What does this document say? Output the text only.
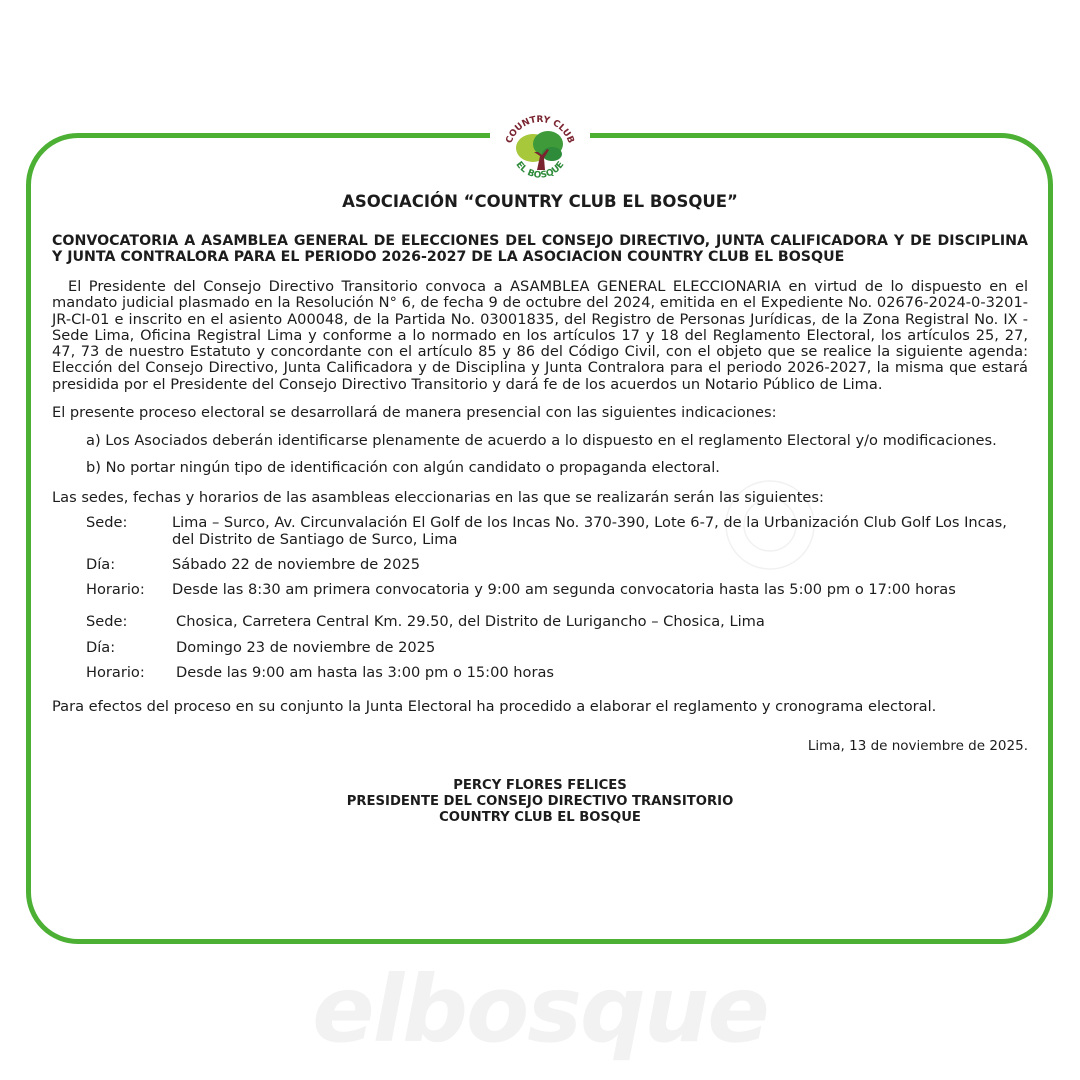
COUNTRY CLUB
EL BOSQUE
elbosque
ASOCIACIÓN “COUNTRY CLUB EL BOSQUE”
CONVOCATORIA A ASAMBLEA GENERAL DE ELECCIONES DEL CONSEJO DIRECTIVO, JUNTA CALIFICADORA Y DE DISCIPLINA Y JUNTA CONTRALORA PARA EL PERIODO 2026-2027 DE LA ASOCIACION COUNTRY CLUB EL BOSQUE

El Presidente del Consejo Directivo Transitorio convoca a ASAMBLEA GENERAL ELECCIONARIA en virtud de lo dispuesto en el mandato judicial plasmado en la Resolución N° 6, de fecha 9 de octubre del 2024, emitida en el Expediente No. 02676-2024-0-3201-JR-CI-01 e inscrito en el asiento A00048, de la Partida No. 03001835, del Registro de Personas Jurídicas, de la Zona Registral No. IX -Sede Lima, Oficina Registral Lima y conforme a lo normado en los artículos 17 y 18 del Reglamento Electoral, los artículos 25, 27, 47, 73 de nuestro Estatuto y concordante con el artículo 85 y 86 del Código Civil, con el objeto que se realice la siguiente agenda: Elección del Consejo Directivo, Junta Calificadora y de Disciplina y Junta Contralora para el periodo 2026-2027, la misma que estará presidida por el Presidente del Consejo Directivo Transitorio y dará fe de los acuerdos un Notario Público de Lima.

El presente proceso electoral se desarrollará de manera presencial con las siguientes indicaciones:

a) Los Asociados deberán identificarse plenamente de acuerdo a lo dispuesto en el reglamento Electoral y/o modificaciones.

b) No portar ningún tipo de identificación con algún candidato o propaganda electoral.

Las sedes, fechas y horarios de las asambleas eleccionarias en las que se realizarán serán las siguientes:

Sede:	Lima – Surco, Av. Circunvalación El Golf de los Incas No. 370-390, Lote 6-7, de la Urbanización Club Golf Los Incas, del Distrito de Santiago de Surco, Lima
Día:	Sábado 22 de noviembre de 2025
Horario:	Desde las 8:30 am primera convocatoria y 9:00 am segunda convocatoria hasta las 5:00 pm o 17:00 horas
Sede:	Chosica, Carretera Central Km. 29.50, del Distrito de Lurigancho – Chosica, Lima
Día:	Domingo 23 de noviembre de 2025
Horario:	Desde las 9:00 am hasta las 3:00 pm o 15:00 horas

Para efectos del proceso en su conjunto la Junta Electoral ha procedido a elaborar el reglamento y cronograma electoral.

Lima, 13 de noviembre de 2025.
PERCY FLORES FELICES
PRESIDENTE DEL CONSEJO DIRECTIVO TRANSITORIO
COUNTRY CLUB EL BOSQUE
